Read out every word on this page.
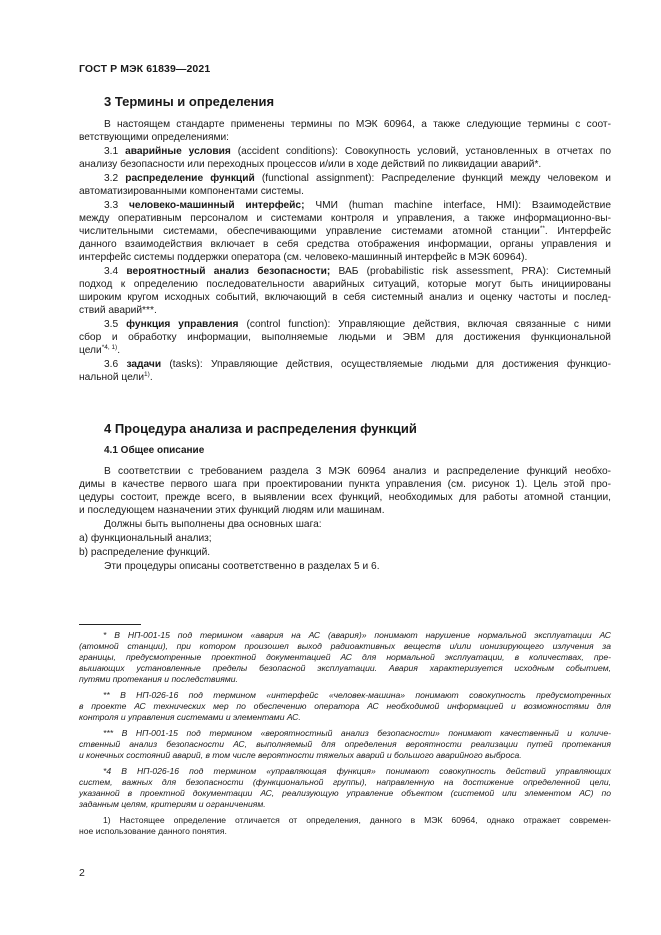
ГОСТ Р МЭК 61839—2021
3 Термины и определения
В настоящем стандарте применены термины по МЭК 60964, а также следующие термины с соот-
ветствующими определениями:
3.1 аварийные условия (accident conditions): Совокупность условий, установленных в отчетах по
анализу безопасности или переходных процессов и/или в ходе действий по ликвидации аварий*.
3.2 распределение функций (functional assignment): Распределение функций между человеком и
автоматизированными компонентами системы.
3.3 человеко-машинный интерфейс; ЧМИ (human machine interface, HMI): Взаимодействие
между оперативным персоналом и системами контроля и управления, а также информационно-вы-
числительными системами, обеспечивающими управление системами атомной станции**. Интерфейс
данного взаимодействия включает в себя средства отображения информации, органы управления и
интерфейс системы поддержки оператора (см. человеко-машинный интерфейс в МЭК 60964).
3.4 вероятностный анализ безопасности; ВАБ (probabilistic risk assessment, PRA): Системный
подход к определению последовательности аварийных ситуаций, которые могут быть инициированы
широким кругом исходных событий, включающий в себя системный анализ и оценку частоты и послед-
ствий аварий***.
3.5 функция управления (control function): Управляющие действия, включая связанные с ними
сбор и обработку информации, выполняемые людьми и ЭВМ для достижения функциональной
цели$^{*4, 1)}$.
3.6 задачи (tasks): Управляющие действия, осуществляемые людьми для достижения функцио-
нальной цели$^{1)}$.
4 Процедура анализа и распределения функций
4.1 Общее описание
В соответствии с требованием раздела 3 МЭК 60964 анализ и распределение функций необхо-
димы в качестве первого шага при проектировании пункта управления (см. рисунок 1). Цель этой про-
цедуры состоит, прежде всего, в выявлении всех функций, необходимых для работы атомной станции,
и последующем назначении этих функций людям или машинам.
Должны быть выполнены два основных шага:
a) функциональный анализ;
b) распределение функций.
Эти процедуры описаны соответственно в разделах 5 и 6.
* В НП-001-15 под термином «авария на АС (авария)» понимают нарушение нормальной эксплуатации АС
(атомной станции), при котором произошел выход радиоактивных веществ и/или ионизирующего излучения за
границы, предусмотренные проектной документацией АС для нормальной эксплуатации, в количествах, пре-
вышающих установленные пределы безопасной эксплуатации. Авария характеризуется исходным событием,
путями протекания и последствиями.
** В НП-026-16 под термином «интерфейс «человек-машина» понимают совокупность предусмотренных
в проекте АС технических мер по обеспечению оператора АС необходимой информацией и возможностями для
контроля и управления системами и элементами АС.
*** В НП-001-15 под термином «вероятностный анализ безопасности» понимают качественный и количе-
ственный анализ безопасности АС, выполняемый для определения вероятности реализации путей протекания
и конечных состояний аварий, в том числе вероятности тяжелых аварий и большого аварийного выброса.
*4 В НП-026-16 под термином «управляющая функция» понимают совокупность действий управляющих
систем, важных для безопасности (функциональной группы), направленную на достижение определенной цели,
указанной в проектной документации АС, реализующую управление объектом (системой или элементом АС) по
заданным целям, критериям и ограничениям.
1) Настоящее определение отличается от определения, данного в МЭК 60964, однако отражает современ-
ное использование данного понятия.
2
